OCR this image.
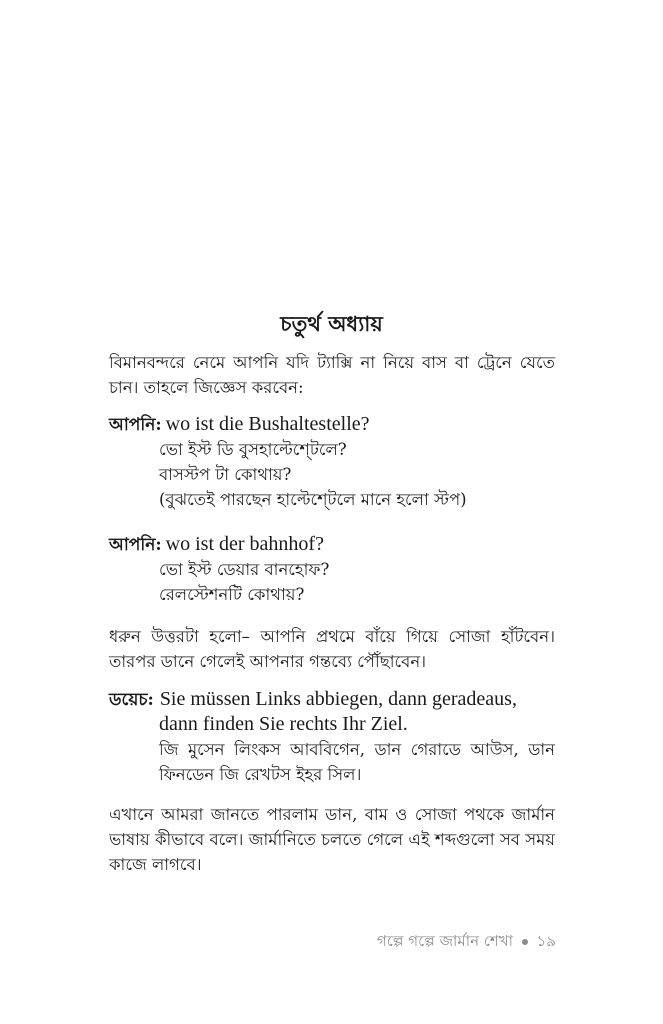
চতুর্থ অধ্যায়
বিমানবন্দরে নেমে আপনি যদি ট্যাক্সি না নিয়ে বাস বা ট্রেনে যেতে চান। তাহলে জিজ্ঞেস করবেন:
আপনি: wo ist die Bushaltestelle?
ভো ইস্ট ডি বুসহাল্টেশ্টেলে?
বাসস্টপ টা কোথায়?
(বুঝতেই পারছেন হাল্টেশ্টেলে মানে হলো স্টপ)
আপনি: wo ist der bahnhof?
ভো ইস্ট ডেয়ার বানহোফ?
রেলস্টেশনটি কোথায়?
ধরুন উত্তরটা হলো– আপনি প্রথমে বাঁয়ে গিয়ে সোজা হাঁটবেন। তারপর ডানে গেলেই আপনার গন্তব্যে পৌঁছাবেন।
ডয়েচ: Sie müssen Links abbiegen, dann geradeaus,
dann finden Sie rechts Ihr Ziel.
জি মুসেন লিংকস আববিগেন, ডান গেরাডে আউস, ডান ফিনডেন জি রেখটস ইহর সিল।
এখানে আমরা জানতে পারলাম ডান, বাম ও সোজা পথকে জার্মান ভাষায় কীভাবে বলে। জার্মানিতে চলতে গেলে এই শব্দগুলো সব সময় কাজে লাগবে।
গল্পে গল্পে জার্মান শেখা ১৯
